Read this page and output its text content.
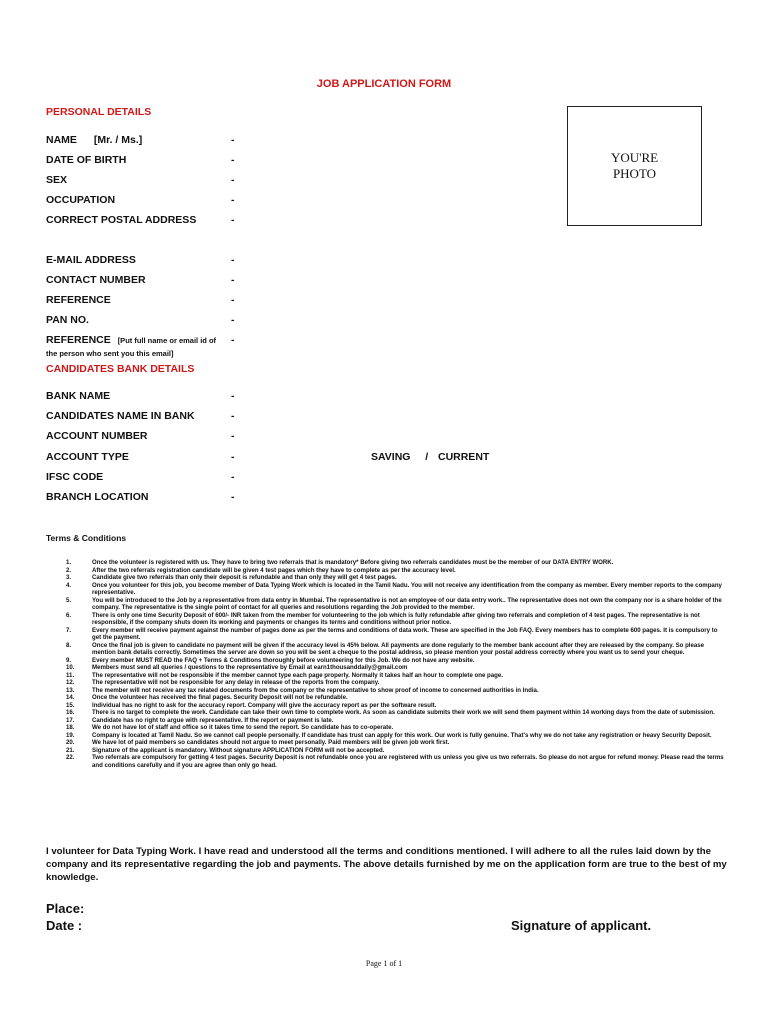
JOB APPLICATION FORM
PERSONAL DETAILS
NAME [Mr. / Ms.]	-
DATE OF BIRTH	-
SEX	-
OCCUPATION	-
CORRECT POSTAL ADDRESS	-
E-MAIL ADDRESS	-
CONTACT NUMBER	-
REFERENCE	-
PAN NO.	-
REFERENCE [Put full name or email id of
the person who sent you this email]
-
YOU'RE
PHOTO
CANDIDATES BANK DETAILS
BANK NAME	-
CANDIDATES NAME IN BANK	-
ACCOUNT NUMBER	-
ACCOUNT TYPE	-	SAVING   /  CURRENT
IFSC CODE	-
BRANCH LOCATION	-
Terms & Conditions
1.	Once the volunteer is registered with us. They have to bring two referrals that is mandatory* Before giving two referrals candidates must be the member of our DATA ENTRY WORK.
2.	After the two referrals registration candidate will be given 4 test pages which they have to complete as per the accuracy level.
3.	Candidate give two referrals than only their deposit is refundable and than only they will get 4 test pages.
4.	Once you volunteer for this job, you become member of Data Typing Work which is located in the Tamil Nadu. You will not receive any identification from the company as member. Every member reports to the company representative.
5.	You will be introduced to the Job by a representative from data entry in Mumbai. The representative is not an employee of our data entry work.. The representative does not own the company nor is a share holder of the company. The representative is the single point of contact for all queries and resolutions regarding the Job provided to the member.
6.	There is only one time Security Deposit of 600/- INR taken from the member for volunteering to the job which is fully refundable after giving two referrals and completion of 4 test pages. The representative is not responsible, if the company shuts down its working and payments or changes its terms and conditions without prior notice.
7.	Every member will receive payment against the number of pages done as per the terms and conditions of data work. These are specified in the Job FAQ. Every members has to complete 600 pages. It is compulsory to get the payment.
8.	Once the final job is given to candidate no payment will be given if the accuracy level is 45% below. All payments are done regularly to the member bank account after they are released by the company. So please mention bank details correctly. Sometimes the server are down so you will be sent a cheque to the postal address, so please mention your postal address correctly where you want us to send your cheque.
9.	Every member MUST READ the FAQ + Terms & Conditions thoroughly before volunteering for this Job. We do not have any website.
10.	Members must send all queries / questions to the representative by Email at earn1thousanddaily@gmail.com
11.	The representative will not be responsible if the member cannot type each page properly. Normally it takes half an hour to complete one page.
12.	The representative will not be responsible for any delay in release of the reports from the company.
13.	The member will not receive any tax related documents from the company or the representative to show proof of income to concerned authorities in India.
14.	Once the volunteer has received the final pages. Security Deposit will not be refundable.
15.	Individual has no right to ask for the accuracy report. Company will give the accuracy report as per the software result.
16.	There is no target to complete the work. Candidate can take their own time to complete work. As soon as candidate submits their work we will send them payment within 14 working days from the date of submission.
17.	Candidate has no right to argue with representative. If the report or payment is late.
18.	We do not have lot of staff and office so it takes time to send the report. So candidate has to co-operate.
19.	Company is located at Tamil Nadu. So we cannot call people personally. If candidate has trust can apply for this work. Our work is fully genuine. That's why we do not take any registration or heavy Security Deposit.
20.	We have lot of paid members so candidates should not argue to meet personally. Paid members will be given job work first.
21.	Signature of the applicant is mandatory. Without signature APPLICATION FORM will not be accepted.
22.	Two referrals are compulsory for getting 4 test pages. Security Deposit is not refundable once you are registered with us unless you give us two referrals. So please do not argue for refund money. Please read the terms and conditions carefully and if you are agree than only go head.
I volunteer for Data Typing Work. I have read and understood all the terms and conditions mentioned. I will adhere to all the rules laid down by the company and its representative regarding the job and payments. The above details furnished by me on the application form are true to the best of my knowledge.
Place:
Date :	Signature of applicant.
Page 1 of 1
